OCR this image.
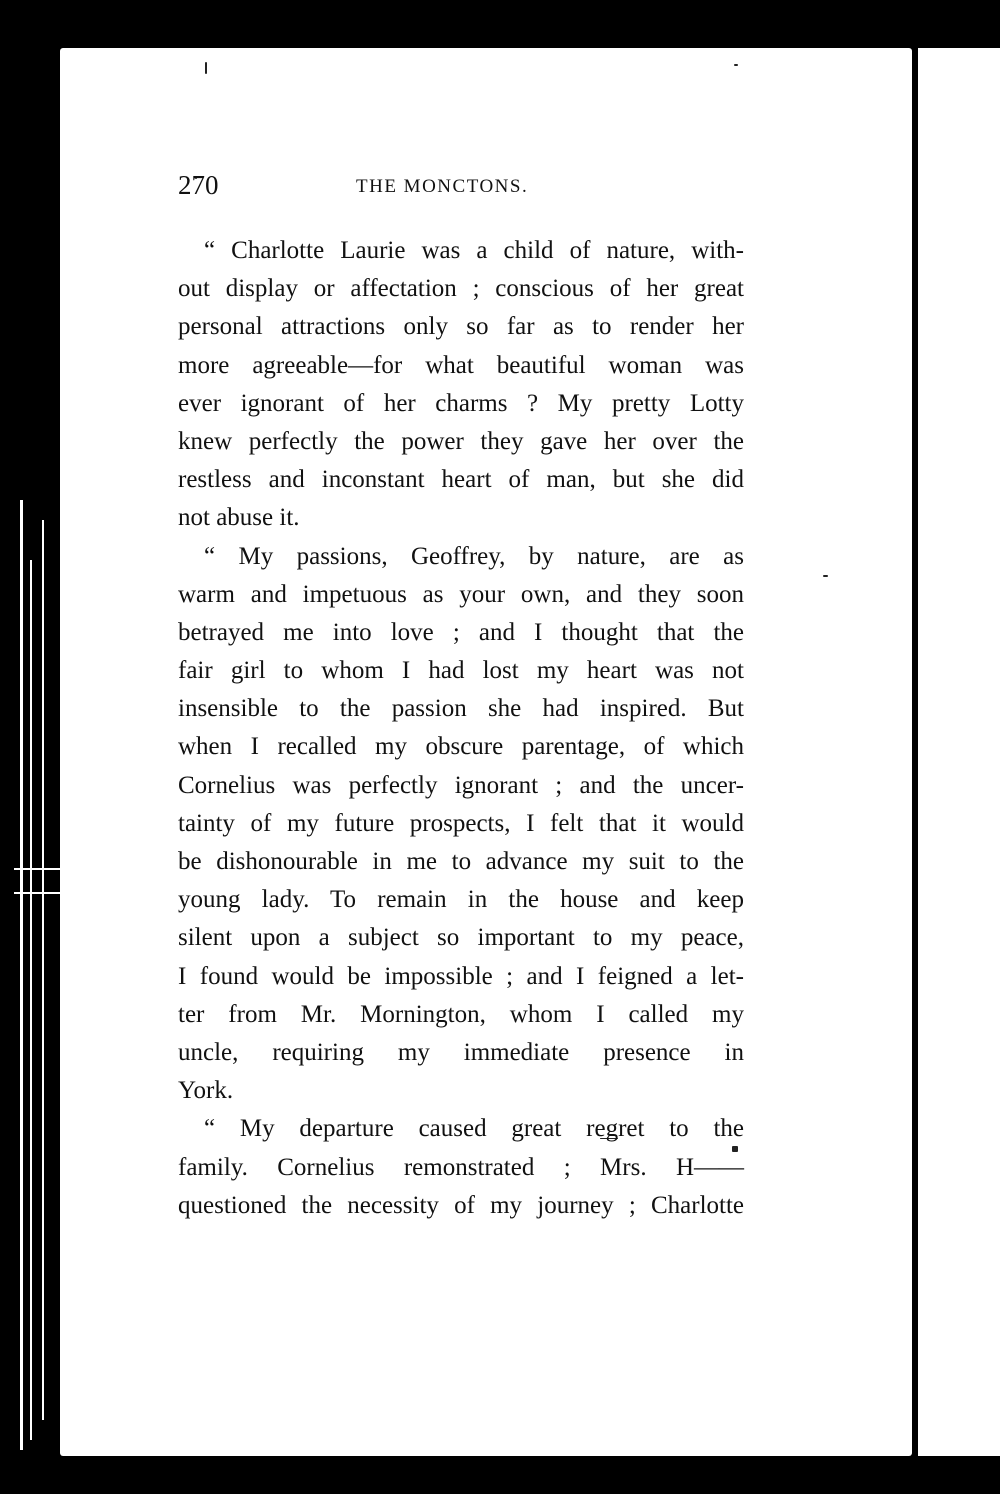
270	THE MONCTONS.
“ Charlotte Laurie was a child of nature, with-
out display or affectation ; conscious of her great
personal attractions only so far as to render her
more agreeable—for what beautiful woman was
ever ignorant of her charms ? My pretty Lotty
knew perfectly the power they gave her over the
restless and inconstant heart of man, but she did
not abuse it.
“ My passions, Geoffrey, by nature, are as
warm and impetuous as your own, and they soon
betrayed me into love ; and I thought that the
fair girl to whom I had lost my heart was not
insensible to the passion she had inspired. But
when I recalled my obscure parentage, of which
Cornelius was perfectly ignorant ; and the uncer-
tainty of my future prospects, I felt that it would
be dishonourable in me to advance my suit to the
young lady. To remain in the house and keep
silent upon a subject so important to my peace,
I found would be impossible ; and I feigned a let-
ter from Mr. Mornington, whom I called my
uncle, requiring my immediate presence in
York.
“ My departure caused great regret to the
family. Cornelius remonstrated ; Mrs. H——
questioned the necessity of my journey ; Charlotte
